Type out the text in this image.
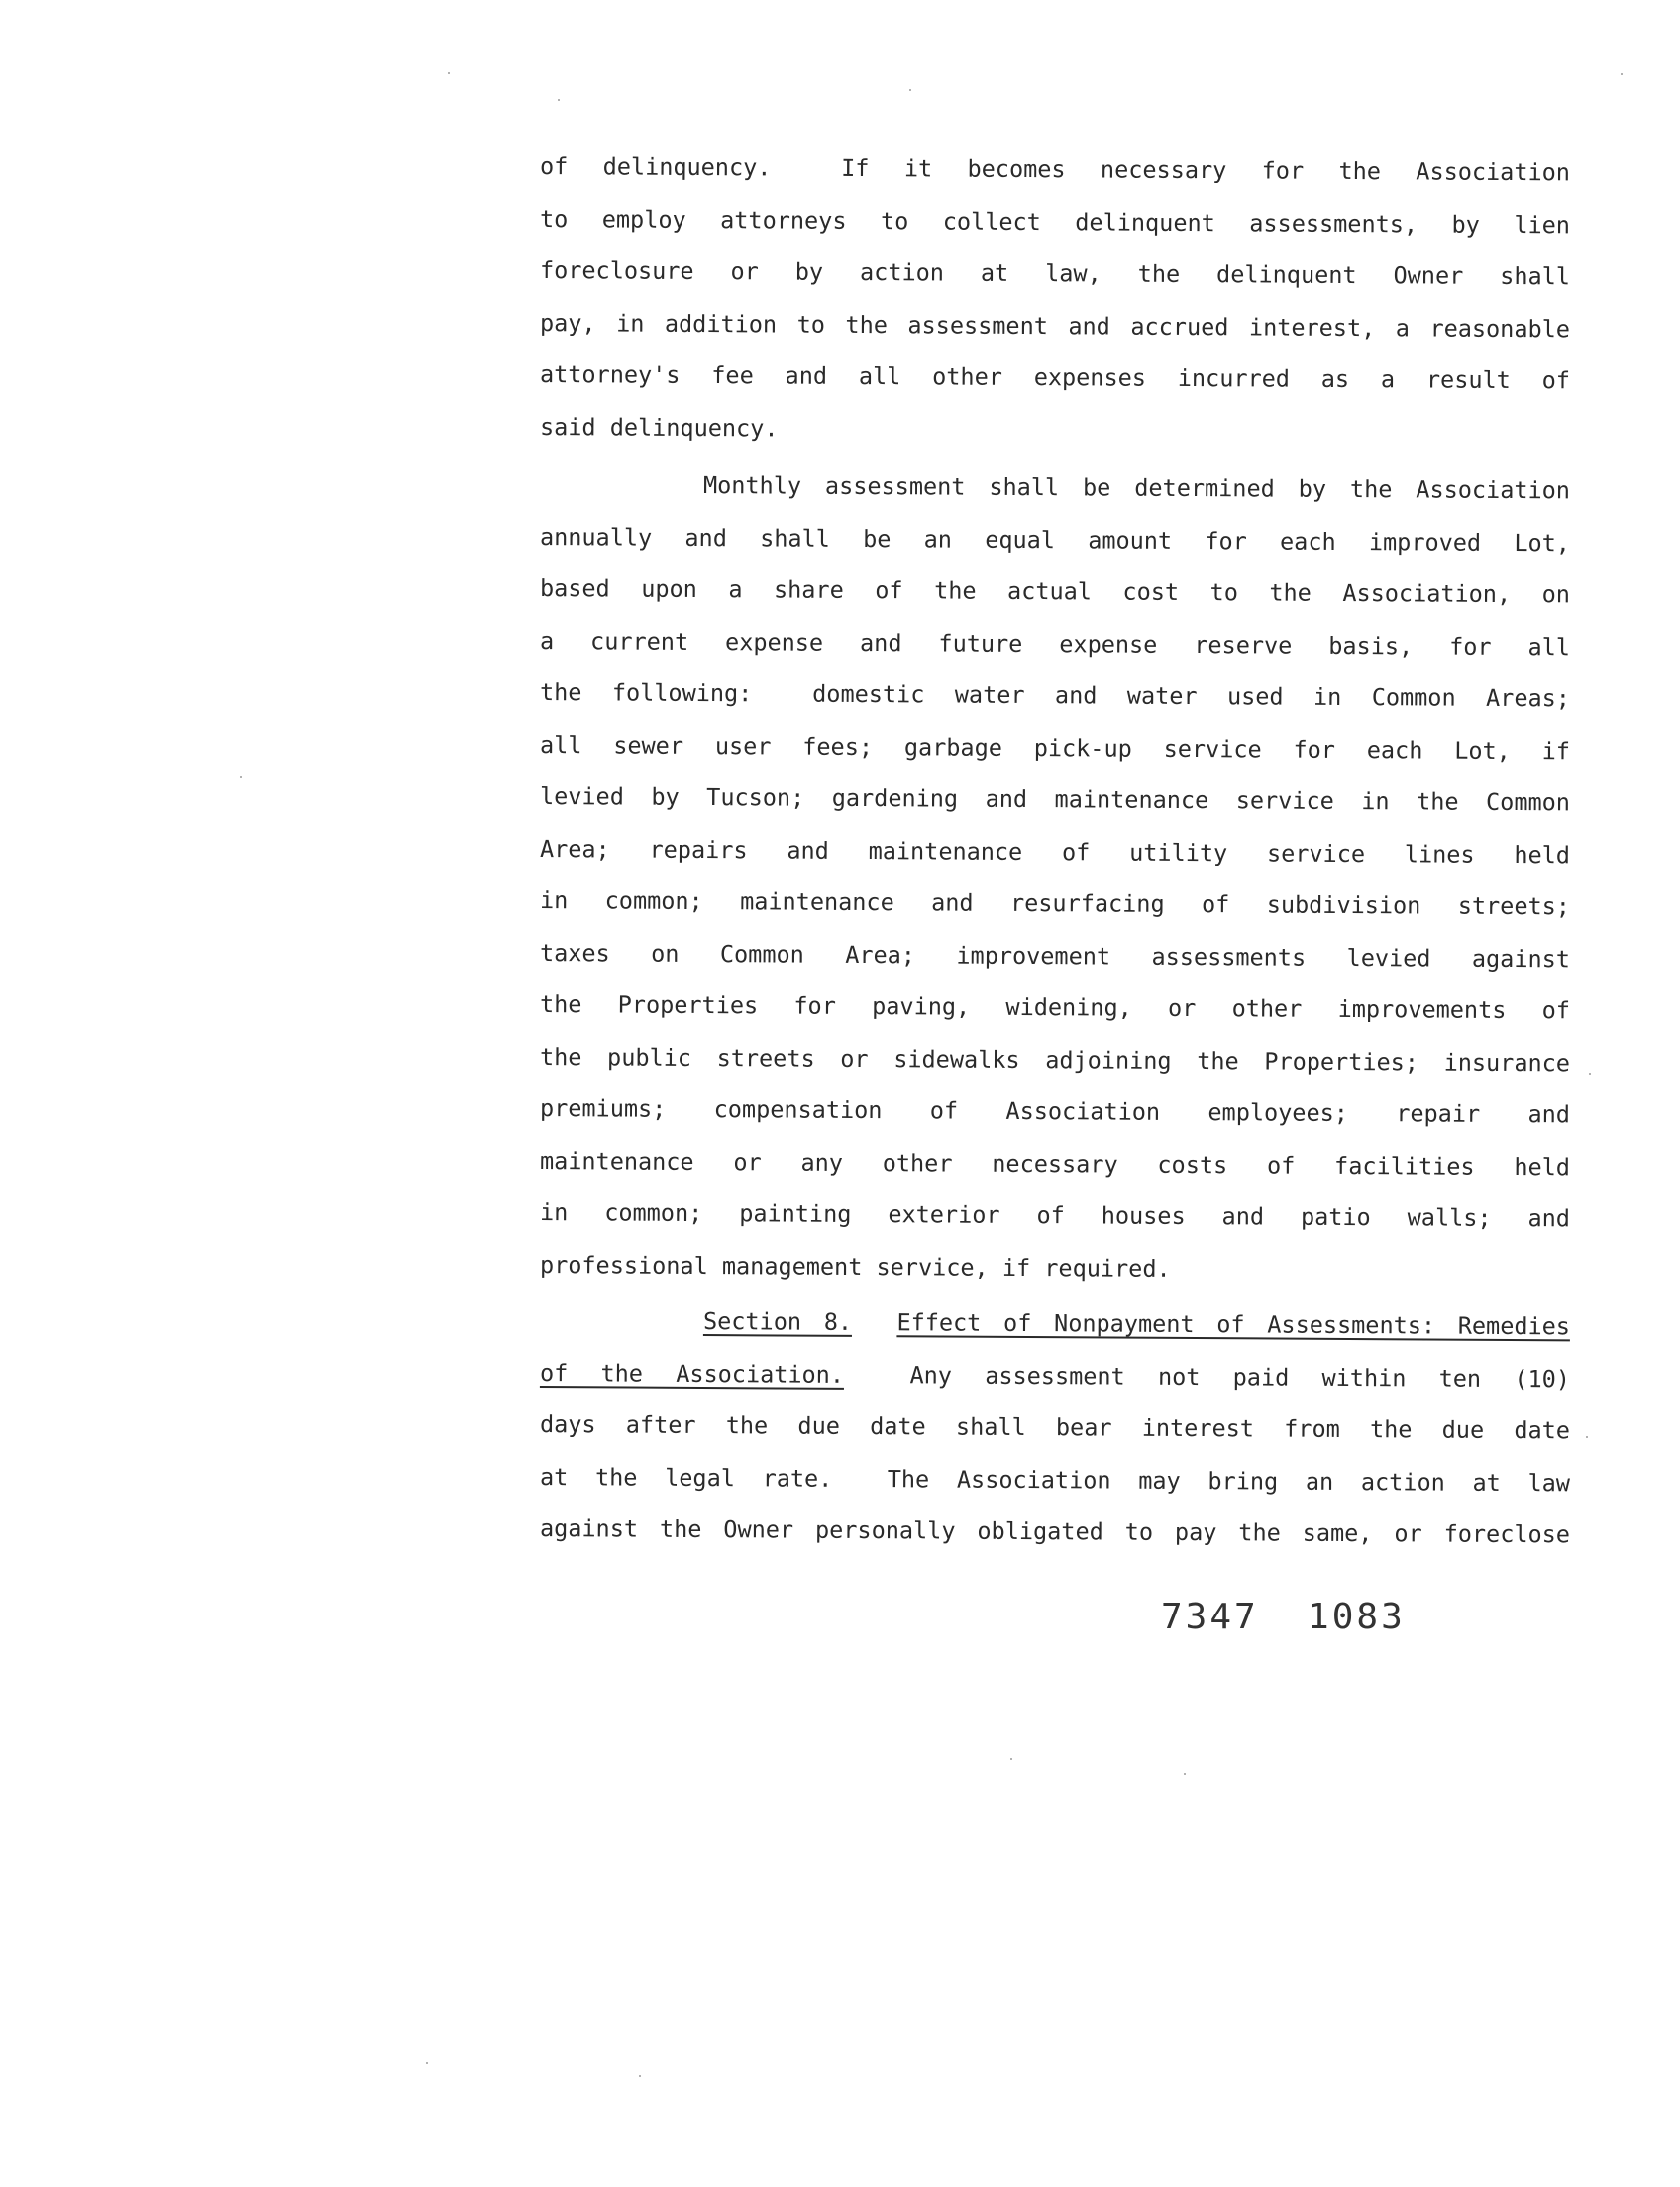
of delinquency.  If it becomes necessary for the Association
to employ attorneys to collect delinquent assessments, by lien
foreclosure or by action at law, the delinquent Owner shall
pay, in addition to the assessment and accrued interest, a reasonable
attorney's fee and all other expenses incurred as a result of
said delinquency.
Monthly assessment shall be determined by the Association
annually and shall be an equal amount for each improved Lot,
based upon a share of the actual cost to the Association, on
a current expense and future expense reserve basis, for all
the following:  domestic water and water used in Common Areas;
all sewer user fees; garbage pick-up service for each Lot, if
levied by Tucson; gardening and maintenance service in the Common
Area; repairs and maintenance of utility service lines held
in common; maintenance and resurfacing of subdivision streets;
taxes on Common Area; improvement assessments levied against
the Properties for paving, widening, or other improvements of
the public streets or sidewalks adjoining the Properties; insurance
premiums; compensation of Association employees; repair and
maintenance or any other necessary costs of facilities held
in common; painting exterior of houses and patio walls; and
professional management service, if required.
Section 8. Effect of Nonpayment of Assessments: Remedies
of the Association.  Any assessment not paid within ten (10)
days after the due date shall bear interest from the due date
at the legal rate.  The Association may bring an action at law
against the Owner personally obligated to pay the same, or foreclose
7347  1083
